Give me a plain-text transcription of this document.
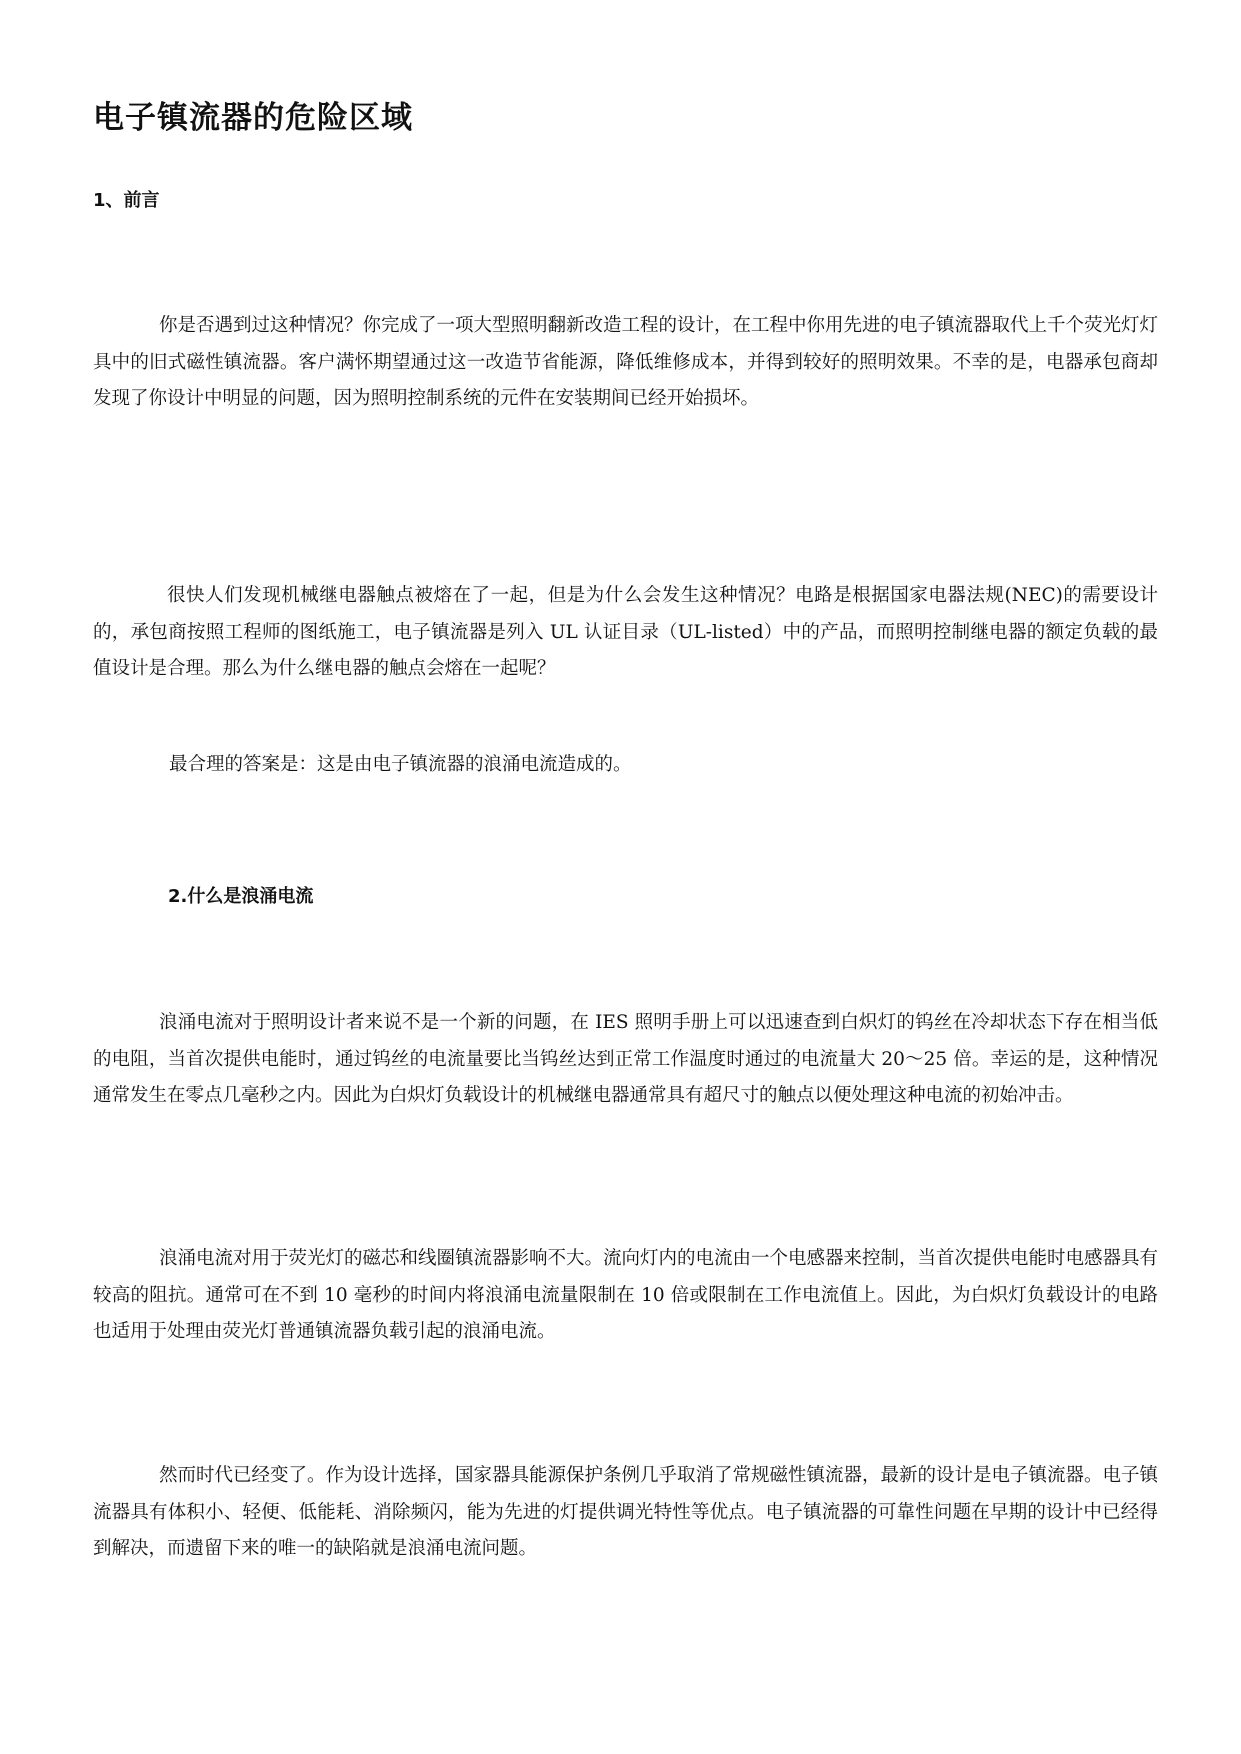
电子镇流器的危险区域
1、前言

你是否遇到过这种情况？你完成了一项大型照明翻新改造工程的设计，在工程中你用先进的电子镇流器取代上千个荧光灯灯具中的旧式磁性镇流器。客户满怀期望通过这一改造节省能源，降低维修成本，并得到较好的照明效果。不幸的是，电器承包商却发现了你设计中明显的问题，因为照明控制系统的元件在安装期间已经开始损坏。

很快人们发现机械继电器触点被熔在了一起，但是为什么会发生这种情况？电路是根据国家电器法规(NEC)的需要设计的，承包商按照工程师的图纸施工，电子镇流器是列入 UL 认证目录（UL-listed）中的产品，而照明控制继电器的额定负载的最值设计是合理。那么为什么继电器的触点会熔在一起呢？

最合理的答案是：这是由电子镇流器的浪涌电流造成的。

2.什么是浪涌电流

浪涌电流对于照明设计者来说不是一个新的问题，在 IES 照明手册上可以迅速查到白炽灯的钨丝在冷却状态下存在相当低的电阻，当首次提供电能时，通过钨丝的电流量要比当钨丝达到正常工作温度时通过的电流量大 20～25 倍。幸运的是，这种情况通常发生在零点几毫秒之内。因此为白炽灯负载设计的机械继电器通常具有超尺寸的触点以便处理这种电流的初始冲击。

浪涌电流对用于荧光灯的磁芯和线圈镇流器影响不大。流向灯内的电流由一个电感器来控制，当首次提供电能时电感器具有较高的阻抗。通常可在不到 10 毫秒的时间内将浪涌电流量限制在 10 倍或限制在工作电流值上。因此，为白炽灯负载设计的电路也适用于处理由荧光灯普通镇流器负载引起的浪涌电流。

然而时代已经变了。作为设计选择，国家器具能源保护条例几乎取消了常规磁性镇流器，最新的设计是电子镇流器。电子镇流器具有体积小、轻便、低能耗、消除频闪，能为先进的灯提供调光特性等优点。电子镇流器的可靠性问题在早期的设计中已经得到解决，而遗留下来的唯一的缺陷就是浪涌电流问题。
